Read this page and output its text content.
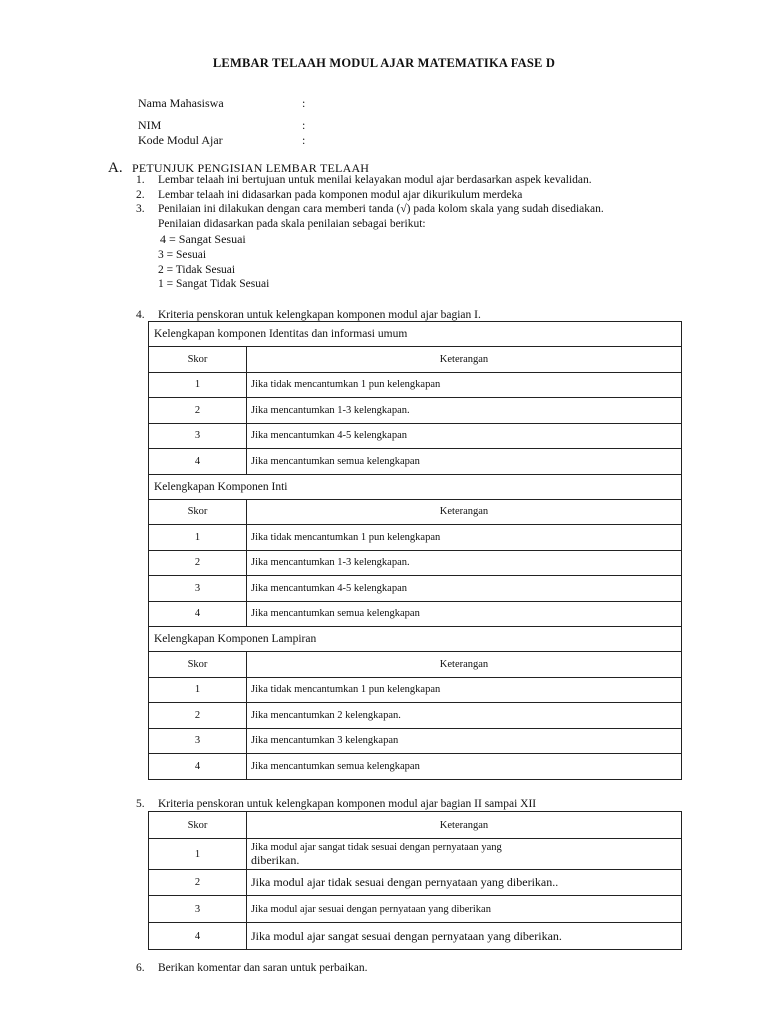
LEMBAR TELAAH MODUL AJAR MATEMATIKA FASE D
Nama Mahasiswa	:
NIM	:
Kode Modul Ajar	:
A. PETUNJUK PENGISIAN LEMBAR TELAAH
1. Lembar telaah ini bertujuan untuk menilai kelayakan modul ajar berdasarkan aspek kevalidan.
2. Lembar telaah ini didasarkan pada komponen modul ajar dikurikulum merdeka
3. Penilaian ini dilakukan dengan cara memberi tanda (√) pada kolom skala yang sudah disediakan.
Penilaian didasarkan pada skala penilaian sebagai berikut:
4 = Sangat Sesuai
3 = Sesuai
2 = Tidak Sesuai
1 = Sangat Tidak Sesuai
4. Kriteria penskoran untuk kelengkapan komponen modul ajar bagian I.
Kelengkapan komponen Identitas dan informasi umum	
Skor	Keterangan
1	Jika tidak mencantumkan 1 pun kelengkapan
2	Jika mencantumkan 1-3 kelengkapan.
3	Jika mencantumkan 4-5 kelengkapan
4	Jika mencantumkan semua kelengkapan
Kelengkapan Komponen Inti	
Skor	Keterangan
1	Jika tidak mencantumkan 1 pun kelengkapan
2	Jika mencantumkan 1-3 kelengkapan.
3	Jika mencantumkan 4-5 kelengkapan
4	Jika mencantumkan semua kelengkapan
Kelengkapan Komponen Lampiran	
Skor	Keterangan
1	Jika tidak mencantumkan 1 pun kelengkapan
2	Jika mencantumkan 2 kelengkapan.
3	Jika mencantumkan 3 kelengkapan
4	Jika mencantumkan semua kelengkapan
5. Kriteria penskoran untuk kelengkapan komponen modul ajar bagian II sampai XII
Skor	Keterangan
1	Jika modul ajar sangat tidak sesuai dengan pernyataan yang
diberikan.

2	Jika modul ajar tidak sesuai dengan pernyataan yang diberikan..
3	Jika modul ajar sesuai dengan pernyataan yang diberikan
4	Jika modul ajar sangat sesuai dengan pernyataan yang diberikan.
6. Berikan komentar dan saran untuk perbaikan.
